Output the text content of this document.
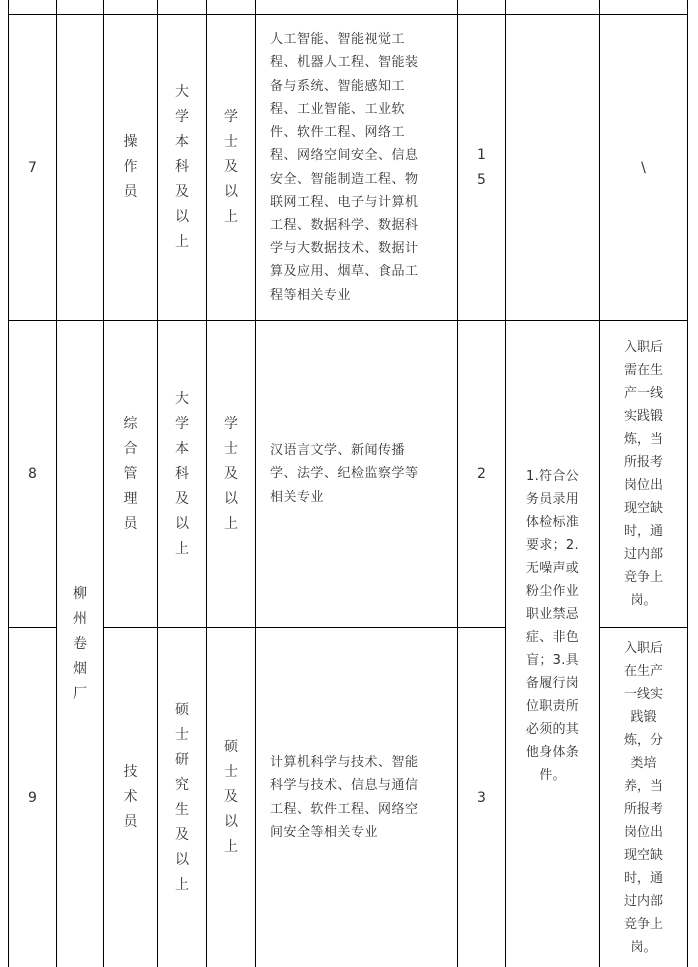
7
操
作
员
大
学
本
科
及
以
上
学
士
及
以
上
人工智能、智能视觉工
程、机器人工程、智能装
备与系统、智能感知工
程、工业智能、工业软
件、软件工程、网络工
程、网络空间安全、信息
安全、智能制造工程、物
联网工程、电子与计算机
工程、数据科学、数据科
学与大数据技术、数据计
算及应用、烟草、食品工
程等相关专业
1
5
\
8
综
合
管
理
员
大
学
本
科
及
以
上
学
士
及
以
上
汉语言文学、新闻传播
学、法学、纪检监察学等
相关专业
2
入职后
需在生
产一线
实践锻
炼，当
所报考
岗位出
现空缺
时，通
过内部
竞争上
岗。
9
技
术
员
硕
士
研
究
生
及
以
上
硕
士
及
以
上
计算机科学与技术、智能
科学与技术、信息与通信
工程、软件工程、网络空
间安全等相关专业
3
入职后
在生产
一线实
践锻
炼，分
类培
养，当
所报考
岗位出
现空缺
时，通
过内部
竞争上
岗。
柳
州
卷
烟
厂
1.符合公
务员录用
体检标准
要求；2.
无噪声或
粉尘作业
职业禁忌
症、非色
盲；3.具
备履行岗
位职责所
必须的其
他身体条
件。
